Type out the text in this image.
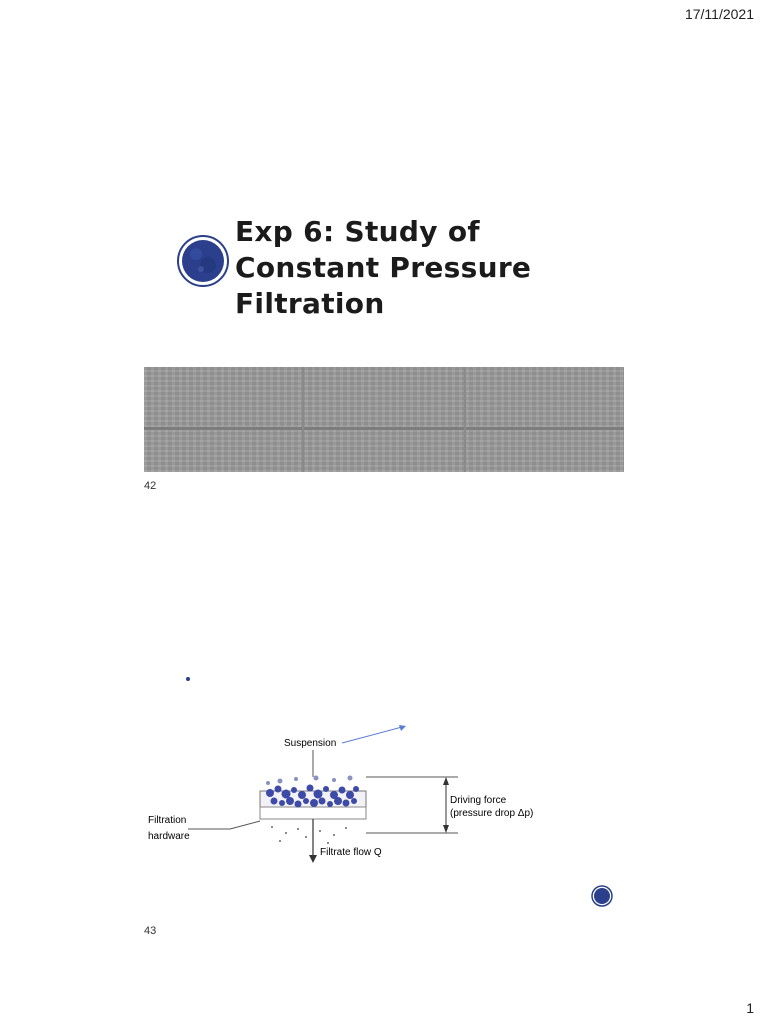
17/11/2021
1
Exp 6: Study of
Constant Pressure
Filtration
42
Suspension
Filtration
hardware
Driving force
(pressure drop Δp)
Filtrate flow Q
43
